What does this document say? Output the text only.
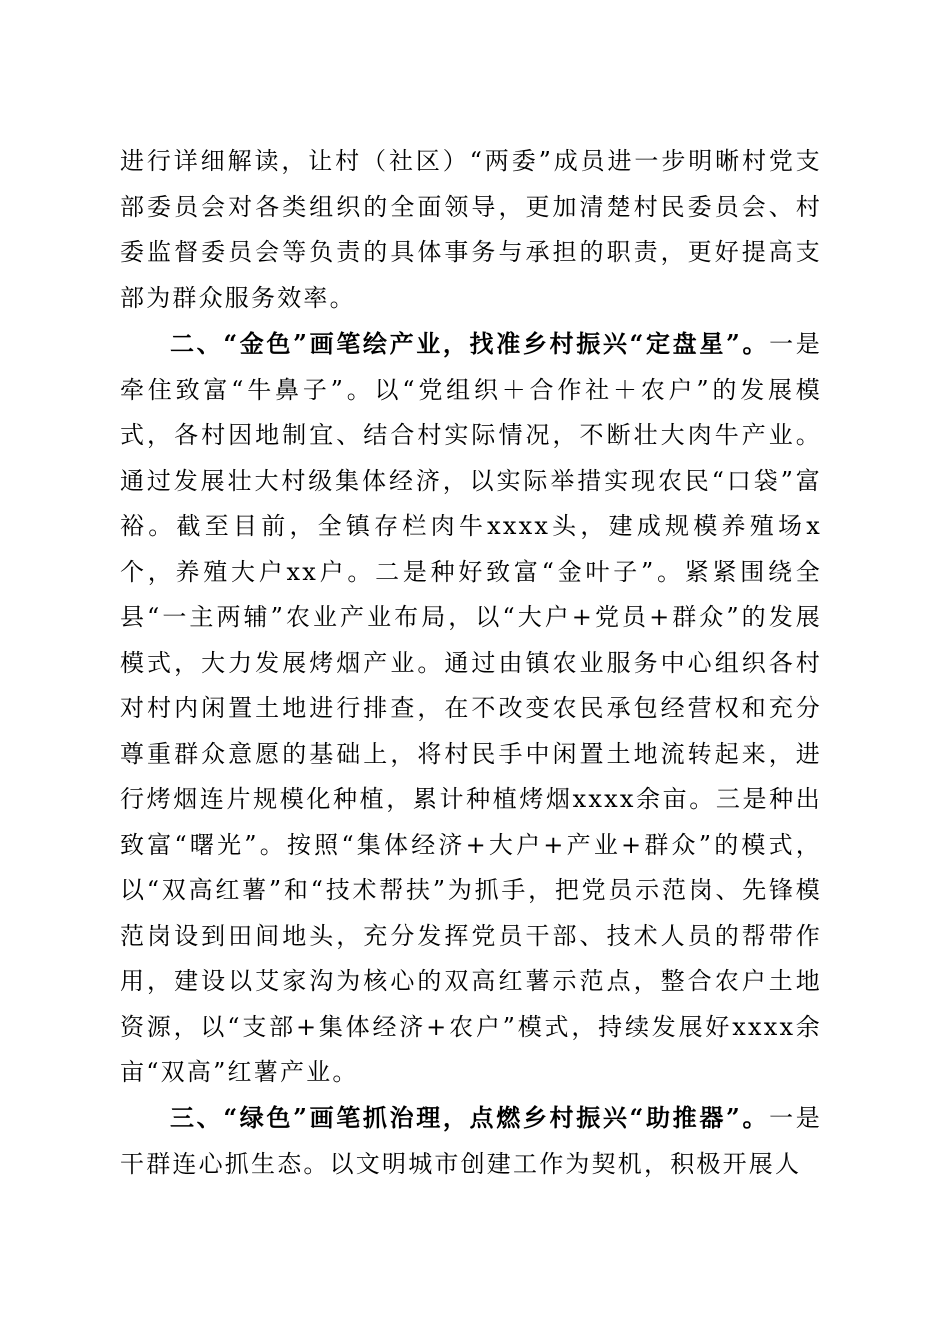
进行详细解读，让村（社区）“两委”成员进一步明晰村党支部委员会对各类组织的全面领导，更加清楚村民委员会、村委监督委员会等负责的具体事务与承担的职责，更好提高支部为群众服务效率。

二、“金色”画笔绘产业，找准乡村振兴“定盘星”。一是牵住致富“牛鼻子”。以“党组织＋合作社＋农户”的发展模式，各村因地制宜、结合村实际情况，不断壮大肉牛产业。通过发展壮大村级集体经济，以实际举措实现农民“口袋”富裕。截至目前，全镇存栏肉牛xxxx头，建成规模养殖场x个，养殖大户xx户。二是种好致富“金叶子”。紧紧围绕全县“一主两辅”农业产业布局，以“大户+党员+群众”的发展模式，大力发展烤烟产业。通过由镇农业服务中心组织各村对村内闲置土地进行排查，在不改变农民承包经营权和充分尊重群众意愿的基础上，将村民手中闲置土地流转起来，进行烤烟连片规模化种植，累计种植烤烟xxxx余亩。三是种出致富“曙光”。按照“集体经济+大户+产业+群众”的模式，以“双高红薯”和“技术帮扶”为抓手，把党员示范岗、先锋模范岗设到田间地头，充分发挥党员干部、技术人员的帮带作用，建设以艾家沟为核心的双高红薯示范点，整合农户土地资源，以“支部+集体经济+农户”模式，持续发展好xxxx余亩“双高”红薯产业。

三、“绿色”画笔抓治理，点燃乡村振兴“助推器”。一是干群连心抓生态。以文明城市创建工作为契机，积极开展人
